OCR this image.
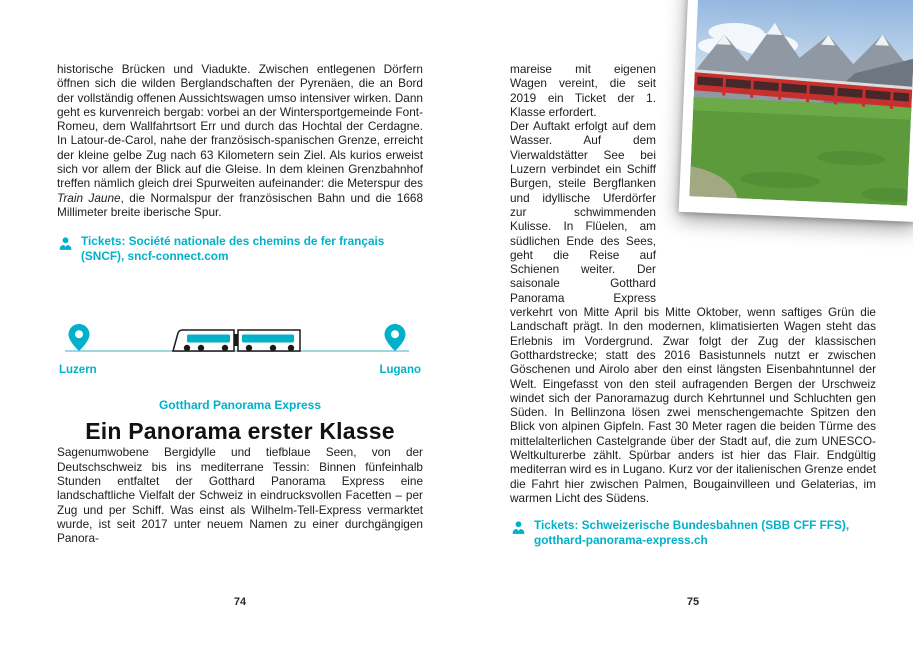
historische Brücken und Viadukte. Zwischen entlegenen Dörfern öffnen sich die wilden Berglandschaften der Pyrenäen, die an Bord der vollständig offenen Aussichtswagen umso intensiver wirken. Dann geht es kurvenreich bergab: vorbei an der Wintersportgemeinde Font-Romeu, dem Wallfahrtsort Err und durch das Hochtal der Cerdagne. In Latour-de-Carol, nahe der französisch-spanischen Grenze, erreicht der kleine gelbe Zug nach 63 Kilometern sein Ziel. Als kurios erweist sich vor allem der Blick auf die Gleise. In dem kleinen Grenzbahnhof treffen nämlich gleich drei Spurweiten aufeinander: die Meterspur des Train Jaune, die Normalspur der französischen Bahn und die 1668 Millimeter breite iberische Spur.

Tickets: Société nationale des chemins de fer français (SNCF), sncf-connect.com
Luzern	Lugano
Gotthard Panorama Express
Ein Panorama erster Klasse

Sagenumwobene Bergidylle und tiefblaue Seen, von der Deutschschweiz bis ins mediterrane Tessin: Binnen fünfeinhalb Stunden entfaltet der Gotthard Panorama Express eine landschaftliche Vielfalt der Schweiz in eindrucksvollen Facetten – per Zug und per Schiff. Was einst als Wilhelm-Tell-Express vermarktet wurde, ist seit 2017 unter neuem Namen zu einer durchgängigen Panora-

74

mareise mit eigenen Wagen vereint, die seit 2019 ein Ticket der 1. Klasse erfordert.

Der Auftakt erfolgt auf dem Wasser. Auf dem Vierwaldstätter See bei Luzern verbindet ein Schiff Burgen, steile Bergflanken und idyllische Uferdörfer zur schwimmenden Kulisse. In Flüelen, am südlichen Ende des Sees, geht die Reise auf Schienen weiter. Der saisonale Gotthard Panorama Express verkehrt von Mitte April bis Mitte Oktober, wenn saftiges Grün die Landschaft prägt. In den modernen, klimatisierten Wagen steht das Erlebnis im Vordergrund. Zwar folgt der Zug der klassischen Gotthardstrecke; statt des 2016 Basistunnels nutzt er zwischen Göschenen und Airolo aber den einst längsten Eisenbahntunnel der Welt. Eingefasst von den steil aufragenden Bergen der Urschweiz windet sich der Panoramazug durch Kehrtunnel und Schluchten gen Süden. In Bellinzona lösen zwei menschengemachte Spitzen den Blick von alpinen Gipfeln. Fast 30 Meter ragen die beiden Türme des mittelalterlichen Castelgrande über der Stadt auf, die zum UNESCO-Weltkulturerbe zählt. Spürbar anders ist hier das Flair. Endgültig mediterran wird es in Lugano. Kurz vor der italienischen Grenze endet die Fahrt hier zwischen Palmen, Bougainvilleen und Gelaterias, im warmen Licht des Südens.

Tickets: Schweizerische Bundesbahnen (SBB CFF FFS), gotthard-panorama-express.ch
75
